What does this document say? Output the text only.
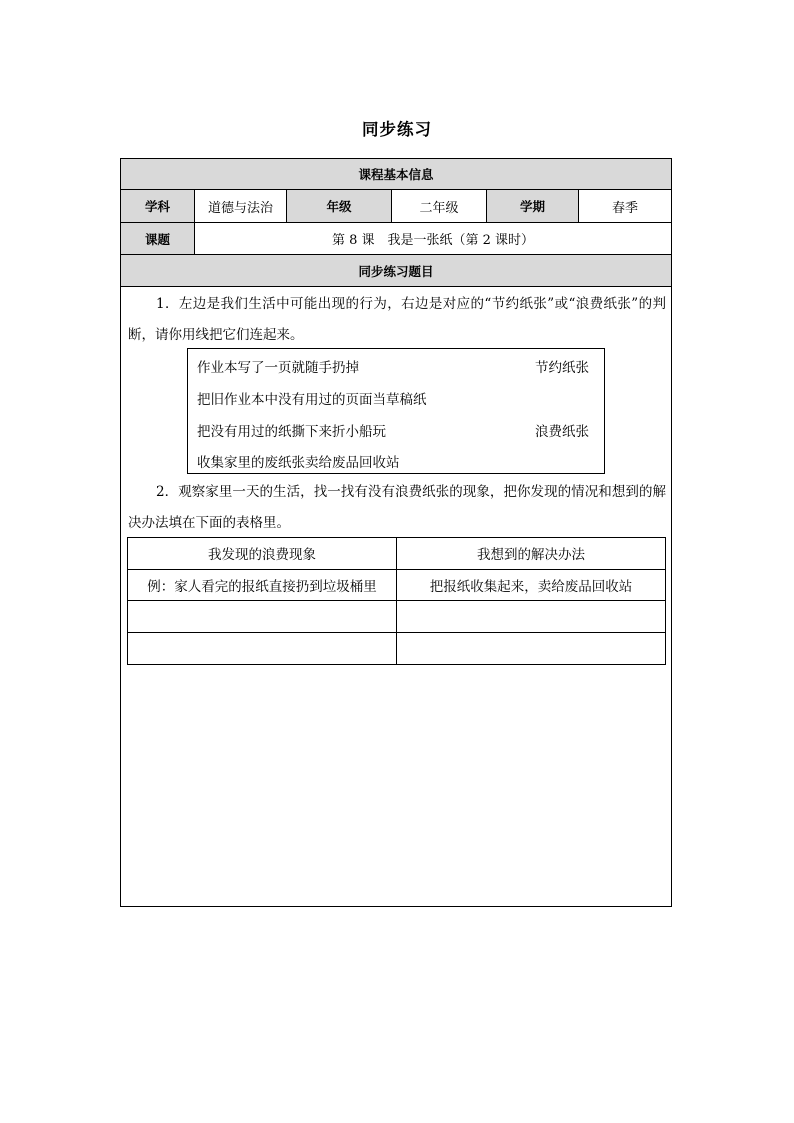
同步练习
课程基本信息
学科	道德与法治	年级	二年级	学期	春季
课题	第 8 课　我是一张纸（第 2 课时）
同步练习题目
1．左边是我们生活中可能出现的行为，右边是对应的“节约纸张”或“浪费纸张”的判断，请你用线把它们连起来。
2．观察家里一天的生活，找一找有没有浪费纸张的现象，把你发现的情况和想到的解决办法填在下面的表格里。
作业本写了一页就随手扔掉
把旧作业本中没有用过的页面当草稿纸
把没有用过的纸撕下来折小船玩
收集家里的废纸张卖给废品回收站
节约纸张
浪费纸张
我发现的浪费现象	我想到的解决办法
例：家人看完的报纸直接扔到垃圾桶里	把报纸收集起来，卖给废品回收站
